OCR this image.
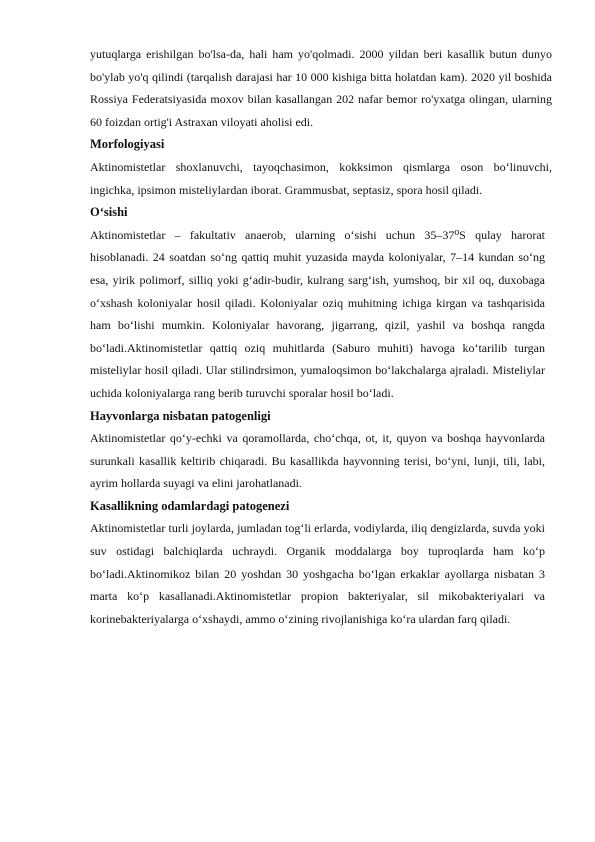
yutuqlarga erishilgan bo'lsa-da, hali ham yo'qolmadi. 2000 yildan beri kasallik butun dunyo bo'ylab yo'q qilindi (tarqalish darajasi har 10 000 kishiga bitta holatdan kam). 2020 yil boshida Rossiya Federatsiyasida moxov bilan kasallangan 202 nafar bemor ro'yxatga olingan, ularning 60 foizdan ortig'i Astraxan viloyati aholisi edi.

Morfologiyasi

Aktinomistetlar shoxlanuvchi, tayoqchasimon, kokksimon qismlarga oson bo‘linuvchi, ingichka, ipsimon misteliylardan iborat. Grammusbat, septasiz, spora hosil qiladi.

O‘sishi

Aktinomistetlar – fakultativ anaerob, ularning o‘sishi uchun 35–37⁰S qulay harorat hisoblanadi. 24 soatdan so‘ng qattiq muhit yuzasida mayda koloniyalar, 7–14 kundan so‘ng esa, yirik polimorf, silliq yoki g‘adir-budir, kulrang sarg‘ish, yumshoq, bir xil oq, duxobaga o‘xshash koloniyalar hosil qiladi. Koloniyalar oziq muhitning ichiga kirgan va tashqarisida ham bo‘lishi mumkin. Koloniyalar havorang, jigarrang, qizil, yashil va boshqa rangda bo‘ladi.Aktinomistetlar qattiq oziq muhitlarda (Saburo muhiti) havoga ko‘tarilib turgan misteliylar hosil qiladi. Ular stilindrsimon, yumaloqsimon bo‘lakchalarga ajraladi. Misteliylar uchida koloniyalarga rang berib turuvchi sporalar hosil bo‘ladi.

Hayvonlarga nisbatan patogenligi

Aktinomistetlar qo‘y-echki va qoramollarda, cho‘chqa, ot, it, quyon va boshqa hayvonlarda surunkali kasallik keltirib chiqaradi. Bu kasallikda hayvonning terisi, bo‘yni, lunji, tili, labi, ayrim hollarda suyagi va elini jarohatlanadi.

Kasallikning odamlardagi patogenezi

Aktinomistetlar turli joylarda, jumladan tog‘li erlarda, vodiylarda, iliq dengizlarda, suvda yoki suv ostidagi balchiqlarda uchraydi. Organik moddalarga boy tuproqlarda ham ko‘p bo‘ladi.Aktinomikoz bilan 20 yoshdan 30 yoshgacha bo‘lgan erkaklar ayollarga nisbatan 3 marta ko‘p kasallanadi.Aktinomistetlar propion bakteriyalar, sil mikobakteriyalari va korinebakteriyalarga o‘xshaydi, ammo o‘zining rivojlanishiga ko‘ra ulardan farq qiladi.
